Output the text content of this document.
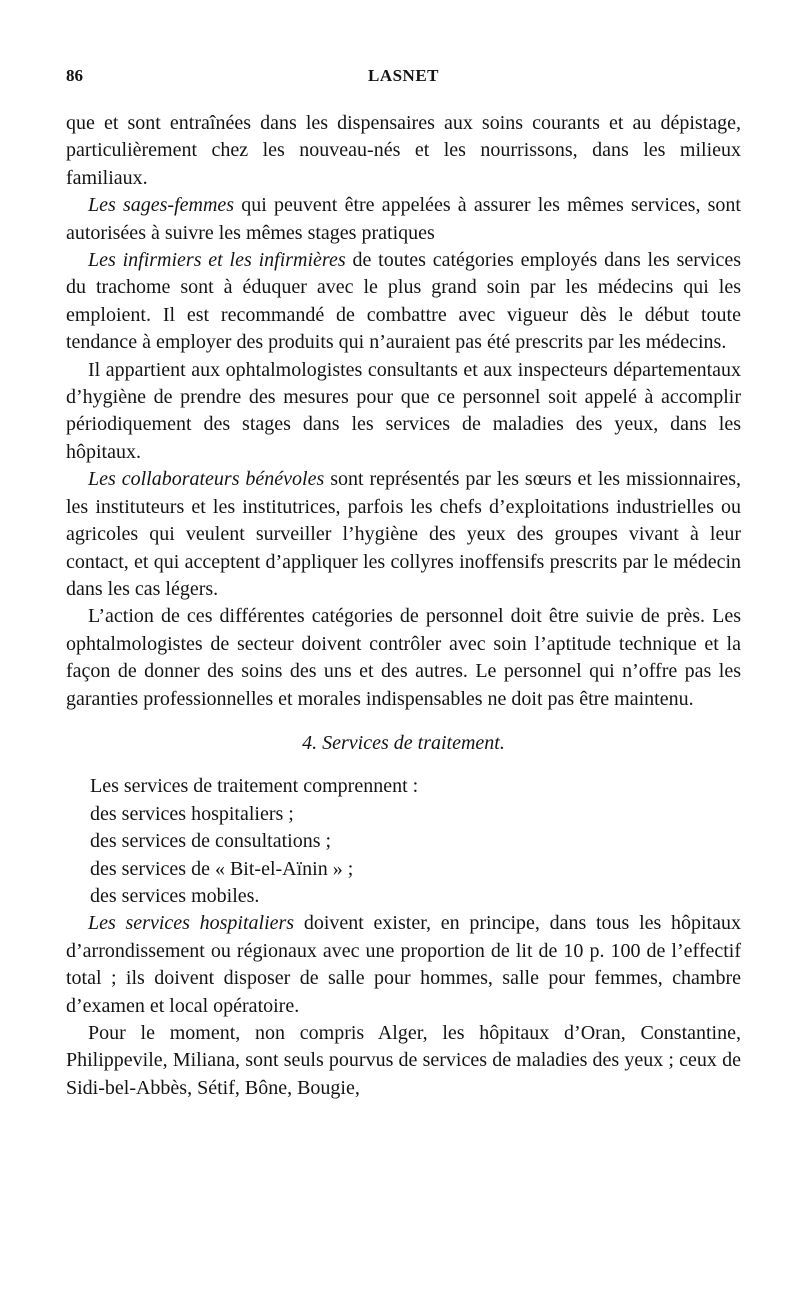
86	LASNET

que et sont entraînées dans les dispensaires aux soins courants et au dépistage, particulièrement chez les nouveau-nés et les nourrissons, dans les milieux familiaux.

Les sages-femmes qui peuvent être appelées à assurer les mêmes services, sont autorisées à suivre les mêmes stages pratiques

Les infirmiers et les infirmières de toutes catégories employés dans les services du trachome sont à éduquer avec le plus grand soin par les médecins qui les emploient. Il est recommandé de combattre avec vigueur dès le début toute tendance à employer des produits qui n’auraient pas été prescrits par les médecins.

Il appartient aux ophtalmologistes consultants et aux inspecteurs départementaux d’hygiène de prendre des mesures pour que ce personnel soit appelé à accomplir périodiquement des stages dans les services de maladies des yeux, dans les hôpitaux.

Les collaborateurs bénévoles sont représentés par les sœurs et les missionnaires, les instituteurs et les institutrices, parfois les chefs d’exploitations industrielles ou agricoles qui veulent surveiller l’hygiène des yeux des groupes vivant à leur contact, et qui acceptent d’appliquer les collyres inoffensifs prescrits par le médecin dans les cas légers.

L’action de ces différentes catégories de personnel doit être suivie de près. Les ophtalmologistes de secteur doivent contrôler avec soin l’aptitude technique et la façon de donner des soins des uns et des autres. Le personnel qui n’offre pas les garanties professionnelles et morales indispensables ne doit pas être maintenu.

4. Services de traitement.

Les services de traitement comprennent :

des services hospitaliers ;

des services de consultations ;

des services de « Bit-el-Aïnin » ;

des services mobiles.

Les services hospitaliers doivent exister, en principe, dans tous les hôpitaux d’arrondissement ou régionaux avec une proportion de lit de 10 p. 100 de l’effectif total ; ils doivent disposer de salle pour hommes, salle pour femmes, chambre d’examen et local opératoire.

Pour le moment, non compris Alger, les hôpitaux d’Oran, Constantine, Philippevile, Miliana, sont seuls pourvus de services de maladies des yeux ; ceux de Sidi-bel-Abbès, Sétif, Bône, Bougie,
